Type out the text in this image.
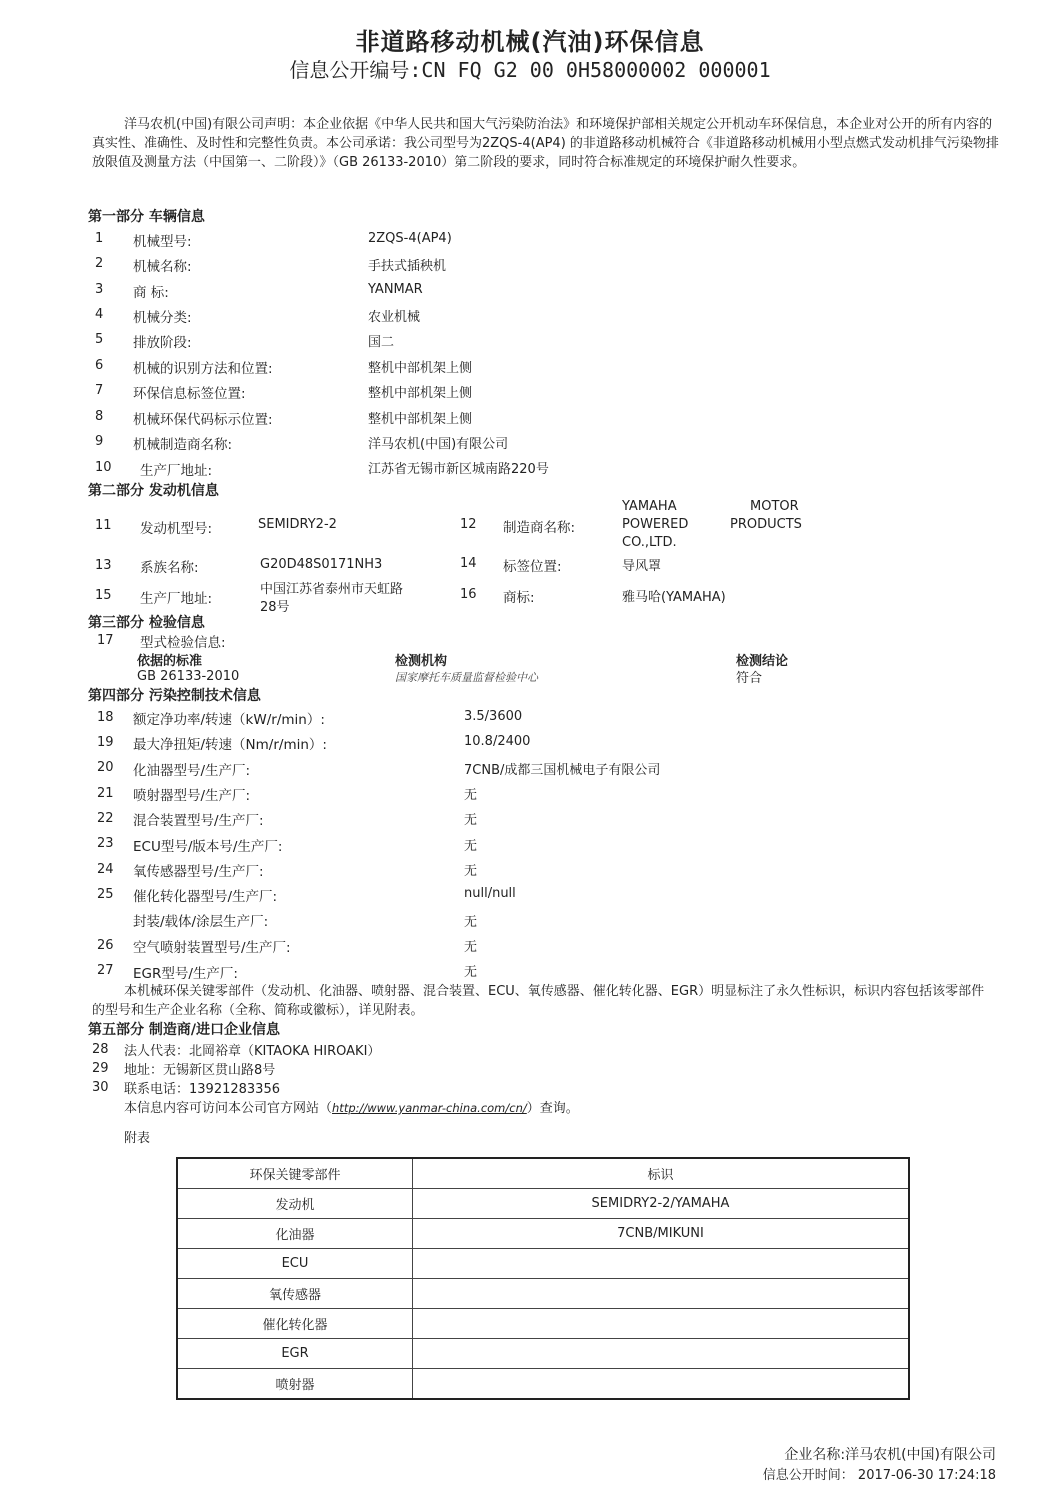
非道路移动机械(汽油)环保信息
信息公开编号:CN FQ G2 00 0H58000002 000001
洋马农机(中国)有限公司声明：本企业依据《中华人民共和国大气污染防治法》和环境保护部相关规定公开机动车环保信息，本企业对公开的所有内容的真实性、准确性、及时性和完整性负责。本公司承诺：我公司型号为2ZQS-4(AP4) 的非道路移动机械符合《非道路移动机械用小型点燃式发动机排气污染物排放限值及测量方法（中国第一、二阶段）》（GB 26133-2010）第二阶段的要求，同时符合标准规定的环境保护耐久性要求。
第一部分 车辆信息
1 机械型号:	2ZQS-4(AP4)
2 机械名称:	手扶式插秧机
3 商 标:	YANMAR
4 机械分类:	农业机械
5 排放阶段:	国二
6 机械的识别方法和位置:	整机中部机架上侧
7 环保信息标签位置:	整机中部机架上侧
8 机械环保代码标示位置:	整机中部机架上侧
9 机械制造商名称:	洋马农机(中国)有限公司
10 生产厂地址:	江苏省无锡市新区城南路220号
第二部分 发动机信息
11 发动机型号:	SEMIDRY2-2	12 制造商名称:
YAMAHA	MOTOR
POWERED	PRODUCTS
CO.,LTD.
13 系族名称:	G20D48S0171NH3	14 标签位置:	导风罩
15 生产厂地址:
中国江苏省泰州市天虹路
28号
16 商标:	雅马哈(YAMAHA)
第三部分 检验信息
17 型式检验信息:
依据的标准	检测机构	检测结论
GB 26133-2010	国家摩托车质量监督检验中心	符合
第四部分 污染控制技术信息
18 额定净功率/转速（kW/r/min）:	3.5/3600
19 最大净扭矩/转速（Nm/r/min）:	10.8/2400
20 化油器型号/生产厂:	7CNB/成都三国机械电子有限公司
21 喷射器型号/生产厂:	无
22 混合装置型号/生产厂:	无
23 ECU型号/版本号/生产厂:	无
24 氧传感器型号/生产厂:	无
25 催化转化器型号/生产厂:	null/null
封装/载体/涂层生产厂:	无
26 空气喷射装置型号/生产厂:	无
27 EGR型号/生产厂:	无
本机械环保关键零部件（发动机、化油器、喷射器、混合装置、ECU、氧传感器、催化转化器、EGR）明显标注了永久性标识，标识内容包括该零部件的型号和生产企业名称（全称、简称或徽标），详见附表。
第五部分 制造商/进口企业信息
28 法人代表：北岡裕章（KITAOKA HIROAKI）
29 地址：无锡新区贯山路8号
30 联系电话：13921283356
本信息内容可访问本公司官方网站（http://www.yanmar-china.com/cn/）查询。
附表
环保关键零部件	标识
发动机	SEMIDRY2-2/YAMAHA
化油器	7CNB/MIKUNI
ECU	
氧传感器	
催化转化器	
EGR	
喷射器	
企业名称:洋马农机(中国)有限公司
信息公开时间： 2017-06-30 17:24:18
